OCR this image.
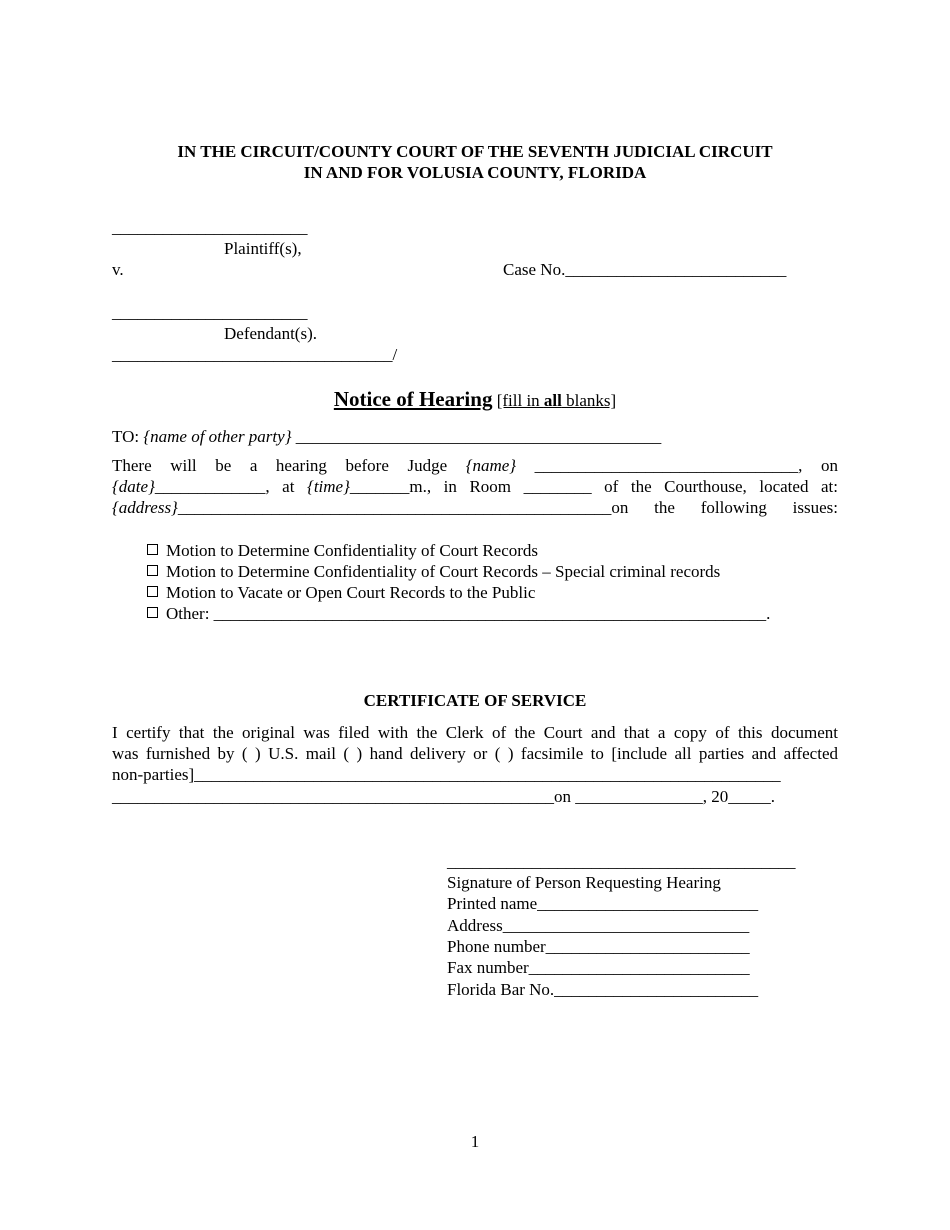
IN THE CIRCUIT/COUNTY COURT OF THE SEVENTH JUDICIAL CIRCUIT
IN AND FOR VOLUSIA COUNTY, FLORIDA
_______________________
Plaintiff(s),
v.	Case No.__________________________
_______________________
Defendant(s).
_________________________________/
Notice of Hearing [fill in all blanks]
TO: {name of other party} ___________________________________________
There will be a hearing before Judge {name} _______________________________, on
{date}_____________, at {time}_______m., in Room ________ of the Courthouse, located at:
{address}___________________________________________________on the following issues:
Motion to Determine Confidentiality of Court Records
Motion to Determine Confidentiality of Court Records – Special criminal records
Motion to Vacate or Open Court Records to the Public
Other: _________________________________________________________________.
CERTIFICATE OF SERVICE
I certify that the original was filed with the Clerk of the Court and that a copy of this document
was furnished by ( ) U.S. mail ( ) hand delivery or ( ) facsimile to [include all parties and affected
non-parties]_____________________________________________________________________
____________________________________________________on _______________, 20_____.
_________________________________________
Signature of Person Requesting Hearing
Printed name__________________________
Address_____________________________
Phone number________________________
Fax number__________________________
Florida Bar No.________________________
1
